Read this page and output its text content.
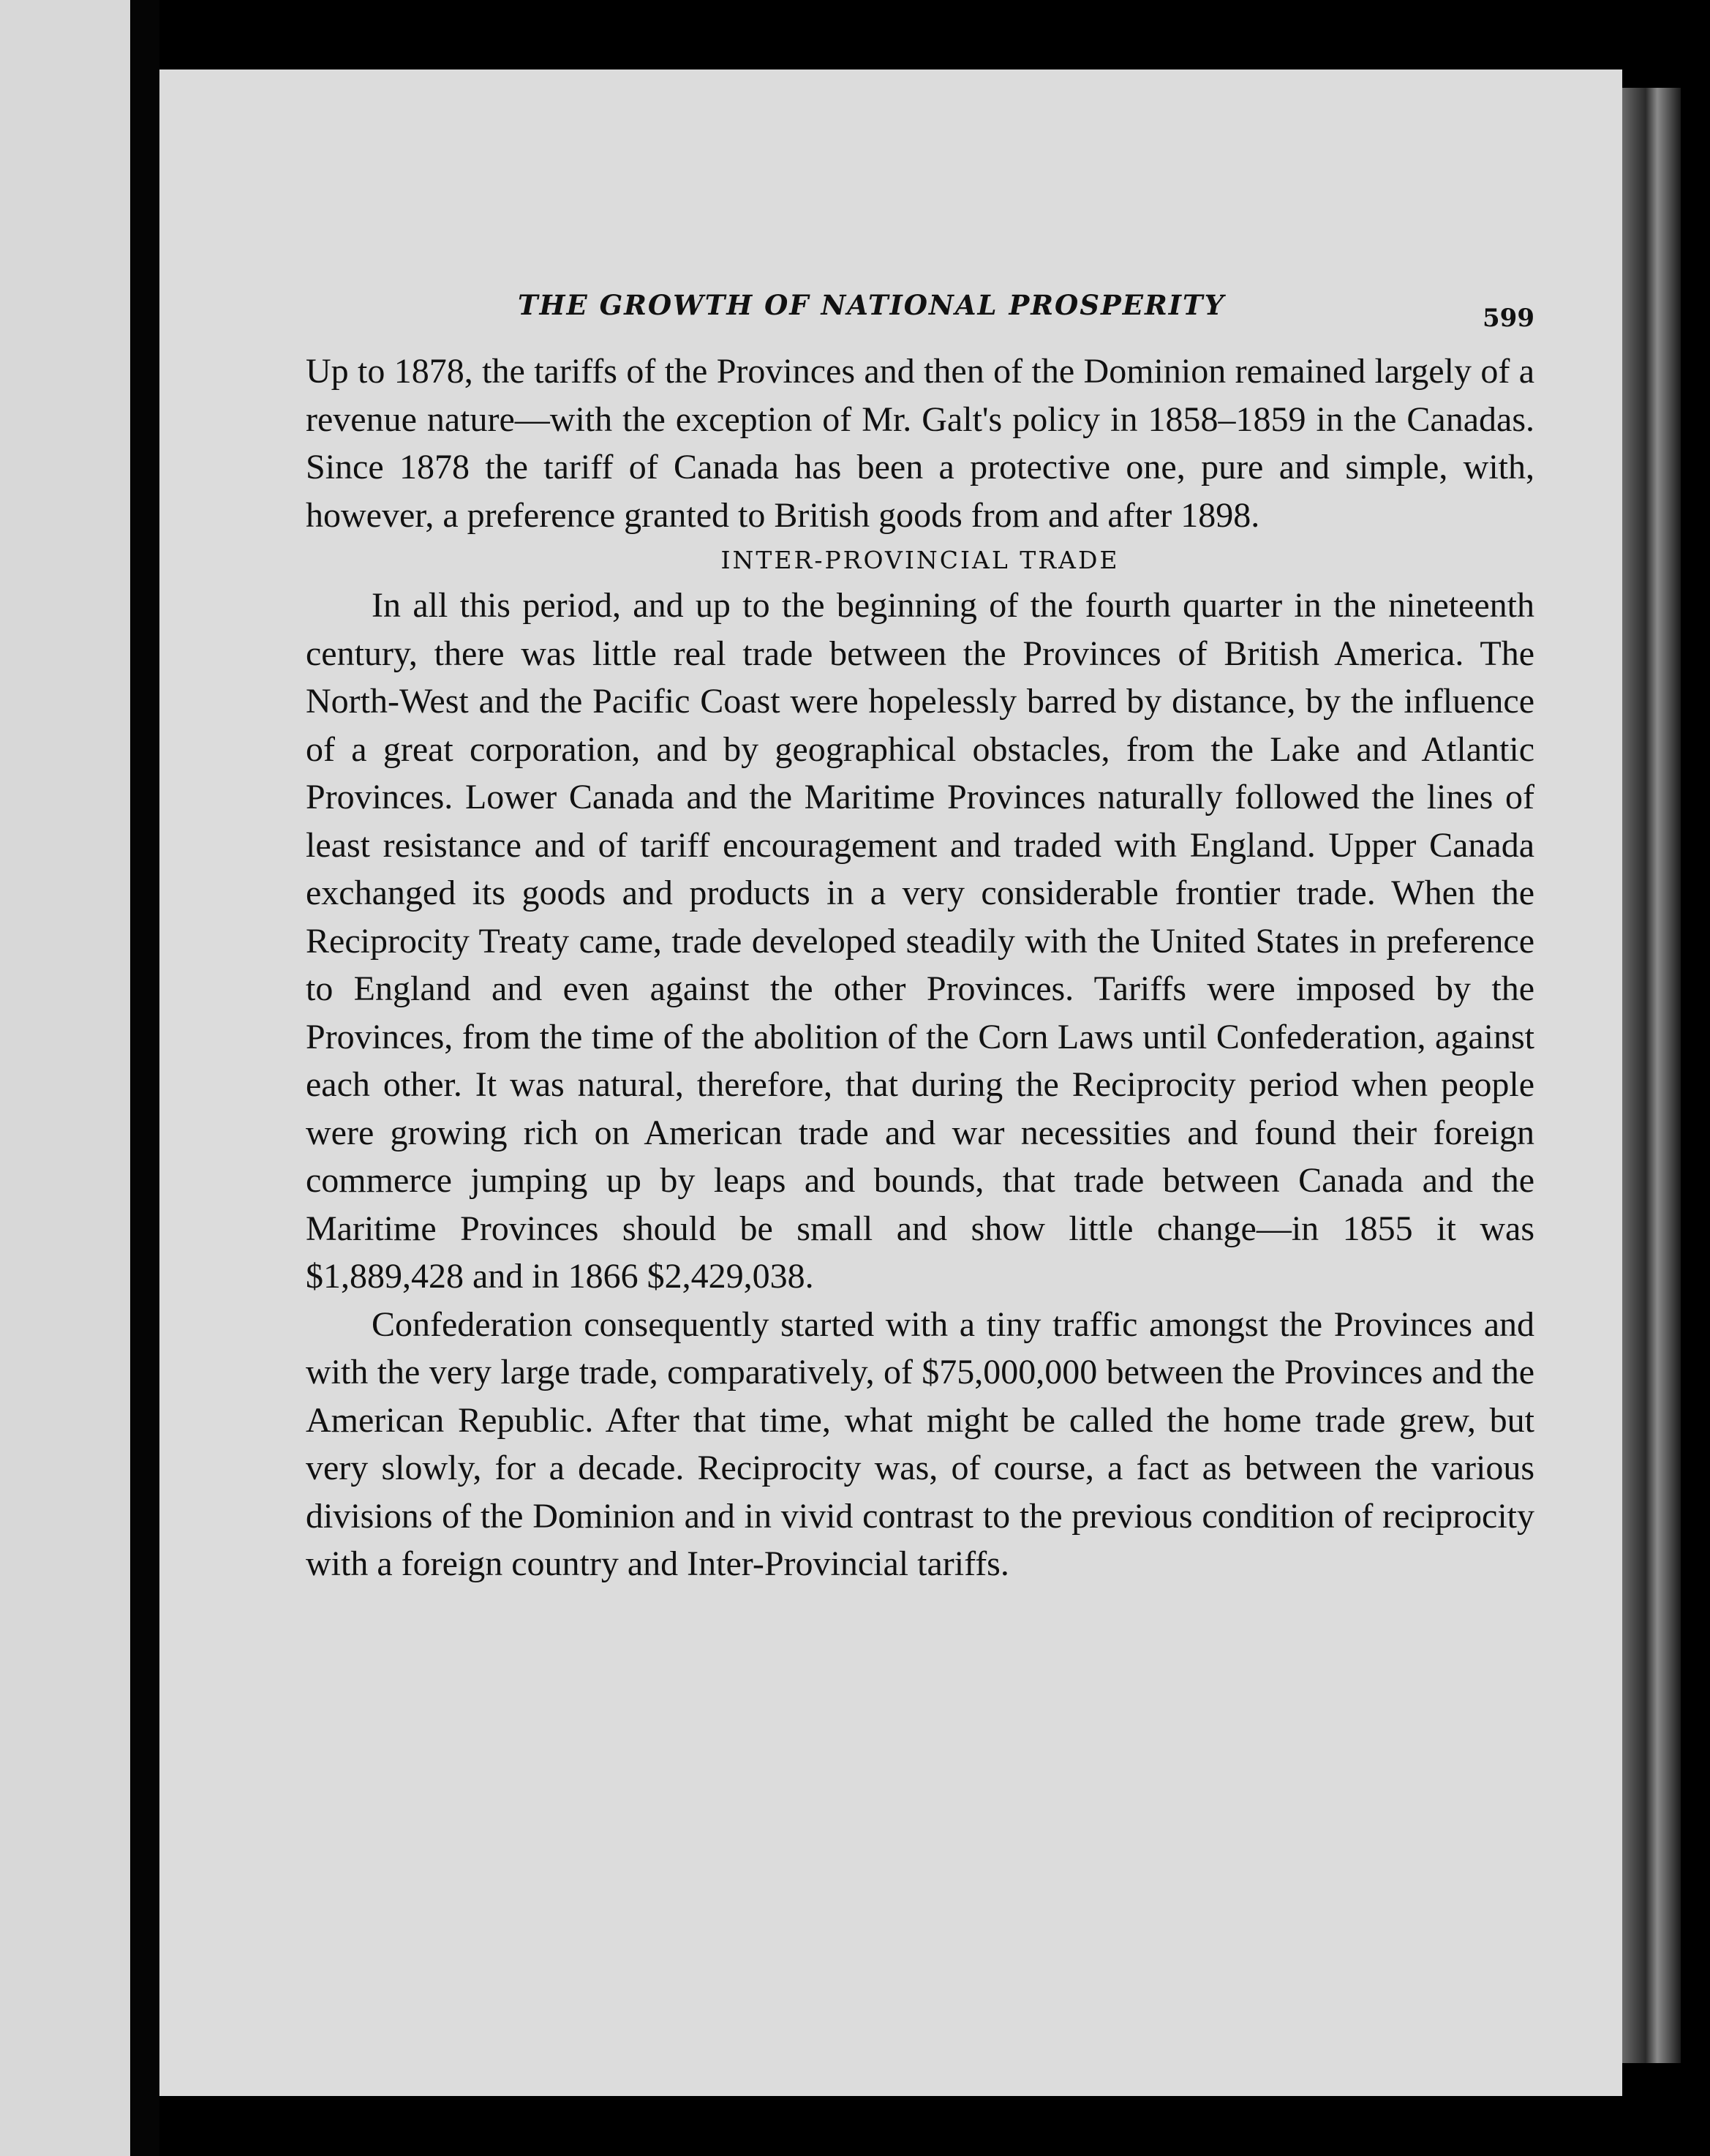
THE GROWTH OF NATIONAL PROSPERITY	599

Up to 1878, the tariffs of the Provinces and then of the Dominion remained largely of a revenue nature—with the exception of Mr. Galt's policy in 1858–1859 in the Canadas. Since 1878 the tariff of Canada has been a protective one, pure and simple, with, however, a preference granted to British goods from and after 1898.

INTER-PROVINCIAL TRADE

In all this period, and up to the beginning of the fourth quarter in the nineteenth century, there was little real trade between the Provinces of British America. The North-West and the Pacific Coast were hopelessly barred by distance, by the influence of a great corporation, and by geographical obstacles, from the Lake and Atlantic Provinces. Lower Canada and the Maritime Provinces naturally followed the lines of least resistance and of tariff encouragement and traded with England. Upper Canada exchanged its goods and products in a very considerable frontier trade. When the Reciprocity Treaty came, trade developed steadily with the United States in preference to England and even against the other Provinces. Tariffs were imposed by the Provinces, from the time of the abolition of the Corn Laws until Confederation, against each other. It was natural, therefore, that during the Reciprocity period when people were growing rich on American trade and war necessities and found their foreign commerce jumping up by leaps and bounds, that trade between Canada and the Maritime Provinces should be small and show little change—in 1855 it was $1,889,428 and in 1866 $2,429,038.

Confederation consequently started with a tiny traffic amongst the Provinces and with the very large trade, comparatively, of $75,000,000 between the Provinces and the American Republic. After that time, what might be called the home trade grew, but very slowly, for a decade. Reciprocity was, of course, a fact as between the various divisions of the Dominion and in vivid contrast to the previous condition of reciprocity with a foreign country and Inter-Provincial tariffs.
